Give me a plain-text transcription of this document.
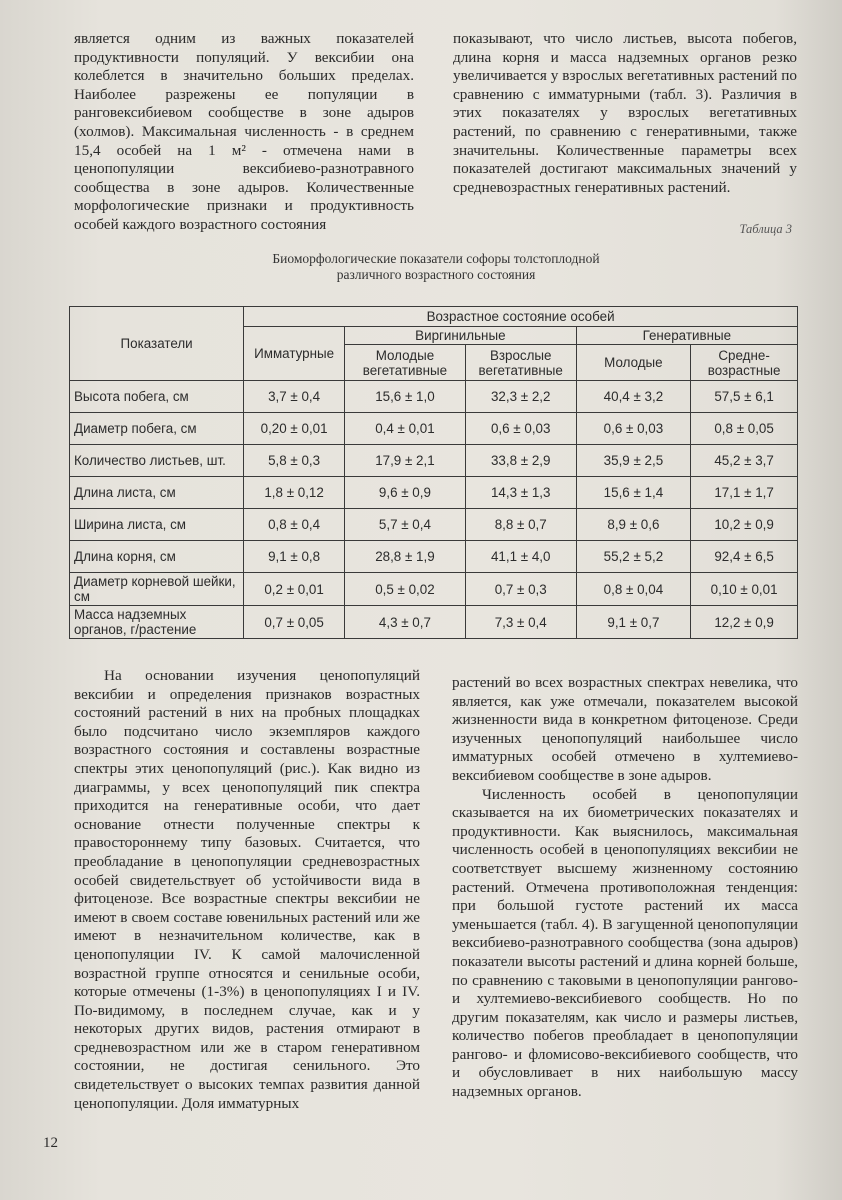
является одним из важных показателей продуктивности популяций. У вексибии она колеблется в значительно больших пределах. Наиболее разрежены ее популяции в ранговексибиевом сообществе в зоне адыров (холмов). Максимальная численность - в среднем 15,4 особей на 1 м² - отмечена нами в ценопопуляции вексибиево-разнотравного сообщества в зоне адыров. Количественные морфологические признаки и продуктивность особей каждого возрастного состояния

показывают, что число листьев, высота побегов, длина корня и масса надземных органов резко увеличивается у взрослых вегетативных растений по сравнению с иммaтурными (табл. 3). Различия в этих показателях у взрослых вегетативных растений, по сравнению с генеративными, также значительны. Количественные параметры всех показателей достигают максимальных значений у средневозрастных генеративных растений.

Таблица 3
Биоморфологические показатели софоры толстоплодной
различного возрастного состояния
Показатели	Возрастное состояние особей				
	Имматурные	Виргинильные		Генеративные	
		Молодые вегетативные	Взрослые вегетативные	Молодые	Средне-возрастные
Высота побега, см	3,7 ± 0,4	15,6 ± 1,0	32,3 ± 2,2	40,4 ± 3,2	57,5 ± 6,1
Диаметр побега, см	0,20 ± 0,01	0,4 ± 0,01	0,6 ± 0,03	0,6 ± 0,03	0,8 ± 0,05
Количество листьев, шт.	5,8 ± 0,3	17,9 ± 2,1	33,8 ± 2,9	35,9 ± 2,5	45,2 ± 3,7
Длина листа, см	1,8 ± 0,12	9,6 ± 0,9	14,3 ± 1,3	15,6 ± 1,4	17,1 ± 1,7
Ширина листа, см	0,8 ± 0,4	5,7 ± 0,4	8,8 ± 0,7	8,9 ± 0,6	10,2 ± 0,9
Длина корня, см	9,1 ± 0,8	28,8 ± 1,9	41,1 ± 4,0	55,2 ± 5,2	92,4 ± 6,5
Диаметр корневой шейки, см	0,2 ± 0,01	0,5 ± 0,02	0,7 ± 0,3	0,8 ± 0,04	0,10 ± 0,01
Масса надземных органов, г/растение	0,7 ± 0,05	4,3 ± 0,7	7,3 ± 0,4	9,1 ± 0,7	12,2 ± 0,9

На основании изучения ценопопуляций вексибии и определения признаков возрастных состояний растений в них на пробных площадках было подсчитано число экземпляров каждого возрастного состояния и составлены возрастные спектры этих ценопопуляций (рис.). Как видно из диаграммы, у всех ценопопуляций пик спектра приходится на генеративные особи, что дает основание отнести полученные спектры к правостороннему типу базовых. Считается, что преобладание в ценопопуляции средневозрастных особей свидетельствует об устойчивости вида в фитоценозе. Все возрастные спектры вексибии не имеют в своем составе ювенильных растений или же имеют в незначительном количестве, как в ценопопуляции IV. К самой малочисленной возрастной группе относятся и сенильные особи, которые отмечены (1-3%) в ценопопуляциях I и IV. По-видимому, в последнем случае, как и у некоторых других видов, растения отмирают в средневозрастном или же в старом генеративном состоянии, не достигая сенильного. Это свидетельствует о высоких темпах развития данной ценопопуляции. Доля имматурных

растений во всех возрастных спектрах невелика, что является, как уже отмечали, показателем высокой жизненности вида в конкретном фитоценозе. Среди изученных ценопопуляций наибольшее число имматурных особей отмечено в хултемиево-вексибиевом сообществе в зоне адыров.

Численность особей в ценопопуляции сказывается на их биометрических показателях и продуктивности. Как выяснилось, максимальная численность особей в ценопопуляциях вексибии не соответствует высшему жизненному состоянию растений. Отмечена противоположная тенденция: при большой густоте растений их масса уменьшается (табл. 4). В загущенной ценопопуляции вексибиево-разнотравного сообщества (зона адыров) показатели высоты растений и длина корней больше, по сравнению с таковыми в ценопопуляции ранговo- и хултемиево-вексибиевого сообществ. Но по другим показателям, как число и размеры листьев, количество побегов преобладает в ценопопуляции ранговo- и фломисово-вексибиевого сообществ, что и обусловливает в них наибольшую массу надземных органов.

12
